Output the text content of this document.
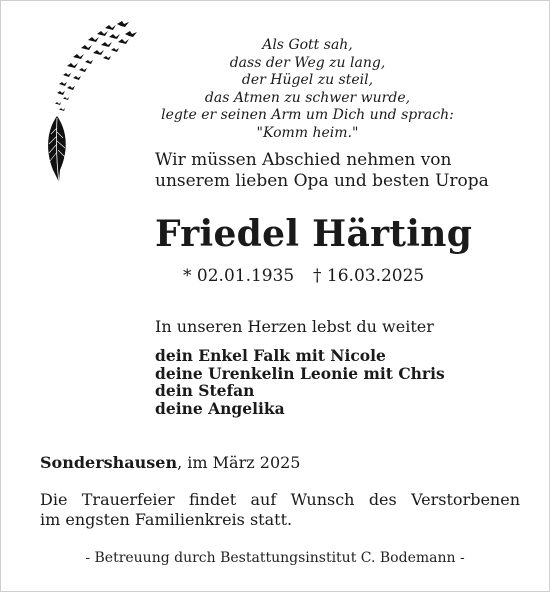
Als Gott sah,
dass der Weg zu lang,
der Hügel zu steil,
das Atmen zu schwer wurde,
legte er seinen Arm um Dich und sprach:
"Komm heim."
Wir müssen Abschied nehmen von
unserem lieben Opa und besten Uropa
Friedel Härting
* 02.01.1935 † 16.03.2025
In unseren Herzen lebst du weiter
dein Enkel Falk mit Nicole
deine Urenkelin Leonie mit Chris
dein Stefan
deine Angelika
Sondershausen, im März 2025
Die Trauerfeier findet auf Wunsch des Verstorbenen
im engsten Familienkreis statt.
- Betreuung durch Bestattungsinstitut C. Bodemann -
